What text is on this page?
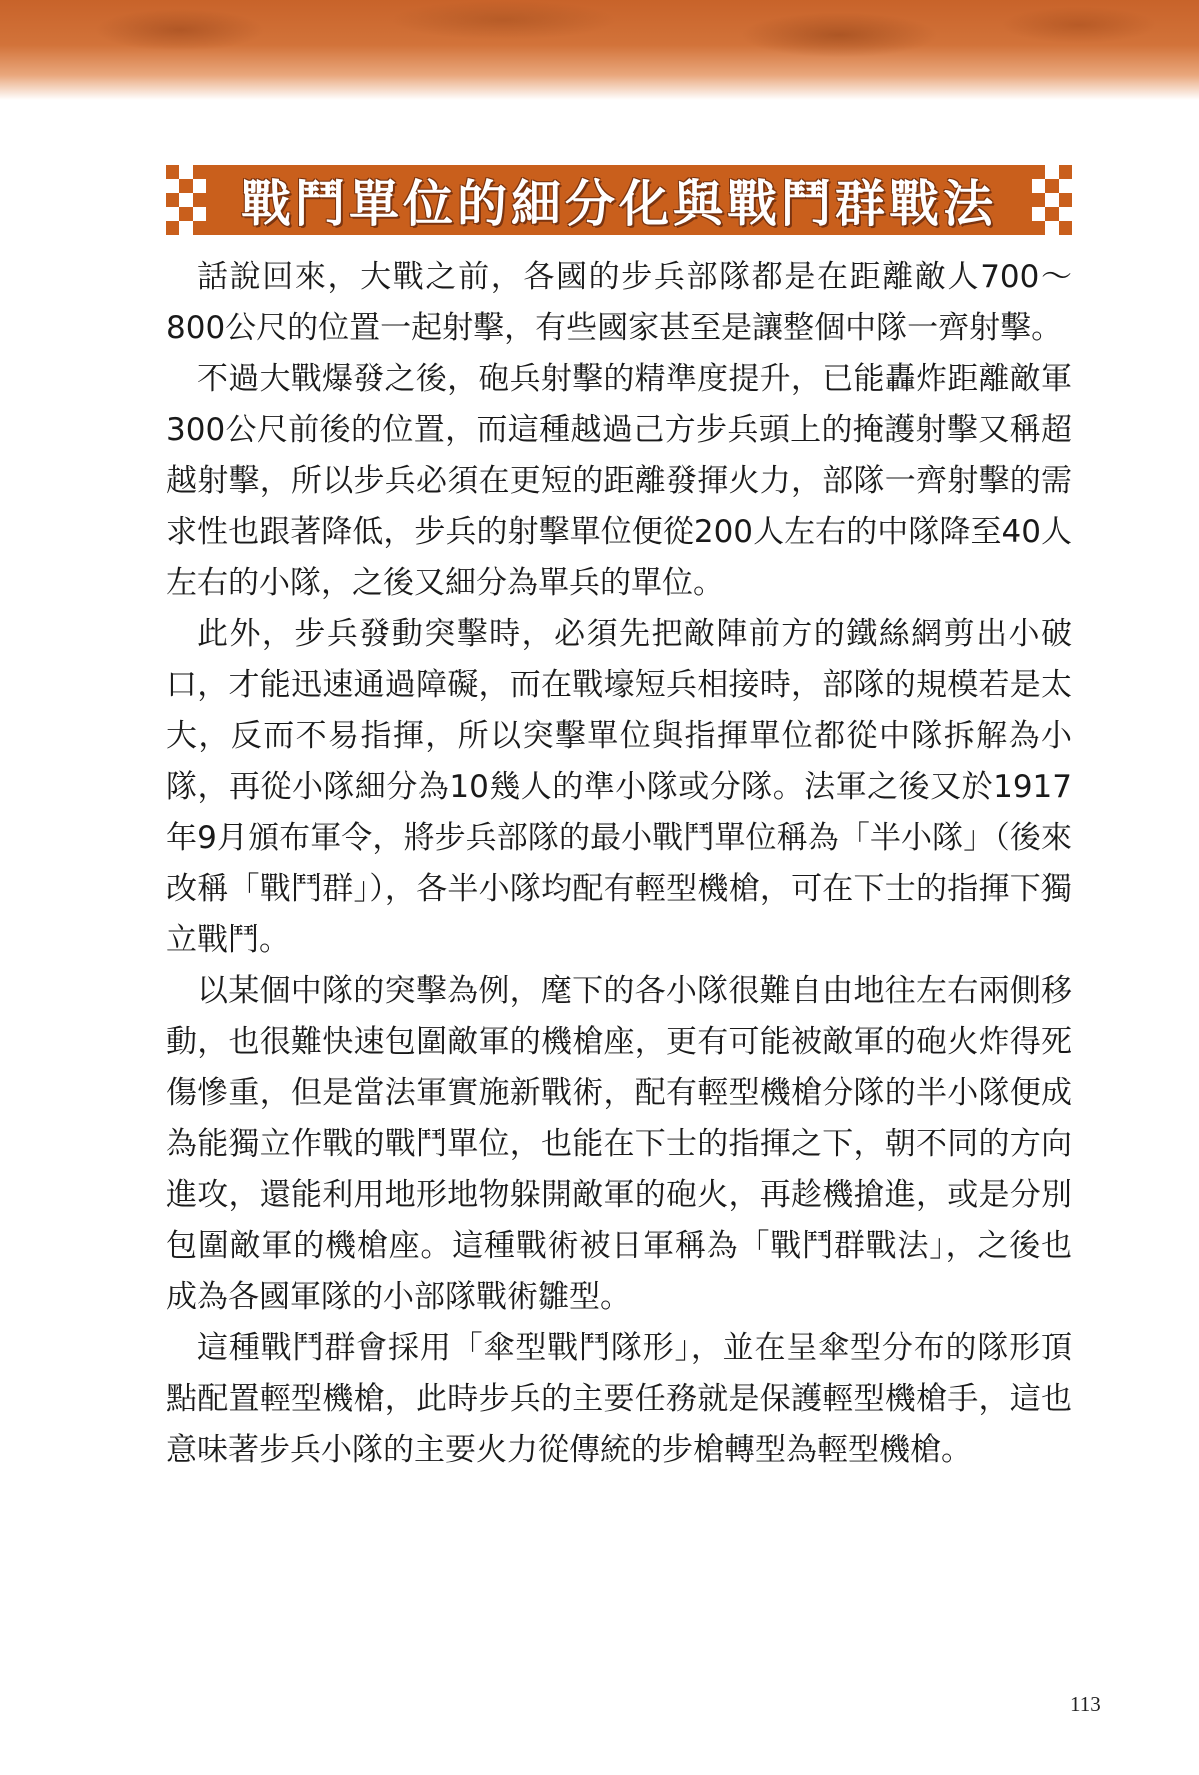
戰鬥單位的細分化與戰鬥群戰法

話說回來，大戰之前，各國的步兵部隊都是在距離敵人700～800公尺的位置一起射擊，有些國家甚至是讓整個中隊一齊射擊。

不過大戰爆發之後，砲兵射擊的精準度提升，已能轟炸距離敵軍300公尺前後的位置，而這種越過己方步兵頭上的掩護射擊又稱超越射擊，所以步兵必須在更短的距離發揮火力，部隊一齊射擊的需求性也跟著降低，步兵的射擊單位便從200人左右的中隊降至40人左右的小隊，之後又細分為單兵的單位。

此外，步兵發動突擊時，必須先把敵陣前方的鐵絲網剪出小破口，才能迅速通過障礙，而在戰壕短兵相接時，部隊的規模若是太大，反而不易指揮，所以突擊單位與指揮單位都從中隊拆解為小隊，再從小隊細分為10幾人的準小隊或分隊。法軍之後又於1917年9月頒布軍令，將步兵部隊的最小戰鬥單位稱為「半小隊」（後來改稱「戰鬥群」），各半小隊均配有輕型機槍，可在下士的指揮下獨立戰鬥。

以某個中隊的突擊為例，麾下的各小隊很難自由地往左右兩側移動，也很難快速包圍敵軍的機槍座，更有可能被敵軍的砲火炸得死傷慘重，但是當法軍實施新戰術，配有輕型機槍分隊的半小隊便成為能獨立作戰的戰鬥單位，也能在下士的指揮之下，朝不同的方向進攻，還能利用地形地物躲開敵軍的砲火，再趁機搶進，或是分別包圍敵軍的機槍座。這種戰術被日軍稱為「戰鬥群戰法」，之後也成為各國軍隊的小部隊戰術雛型。

這種戰鬥群會採用「傘型戰鬥隊形」，並在呈傘型分布的隊形頂點配置輕型機槍，此時步兵的主要任務就是保護輕型機槍手，這也意味著步兵小隊的主要火力從傳統的步槍轉型為輕型機槍。

113
